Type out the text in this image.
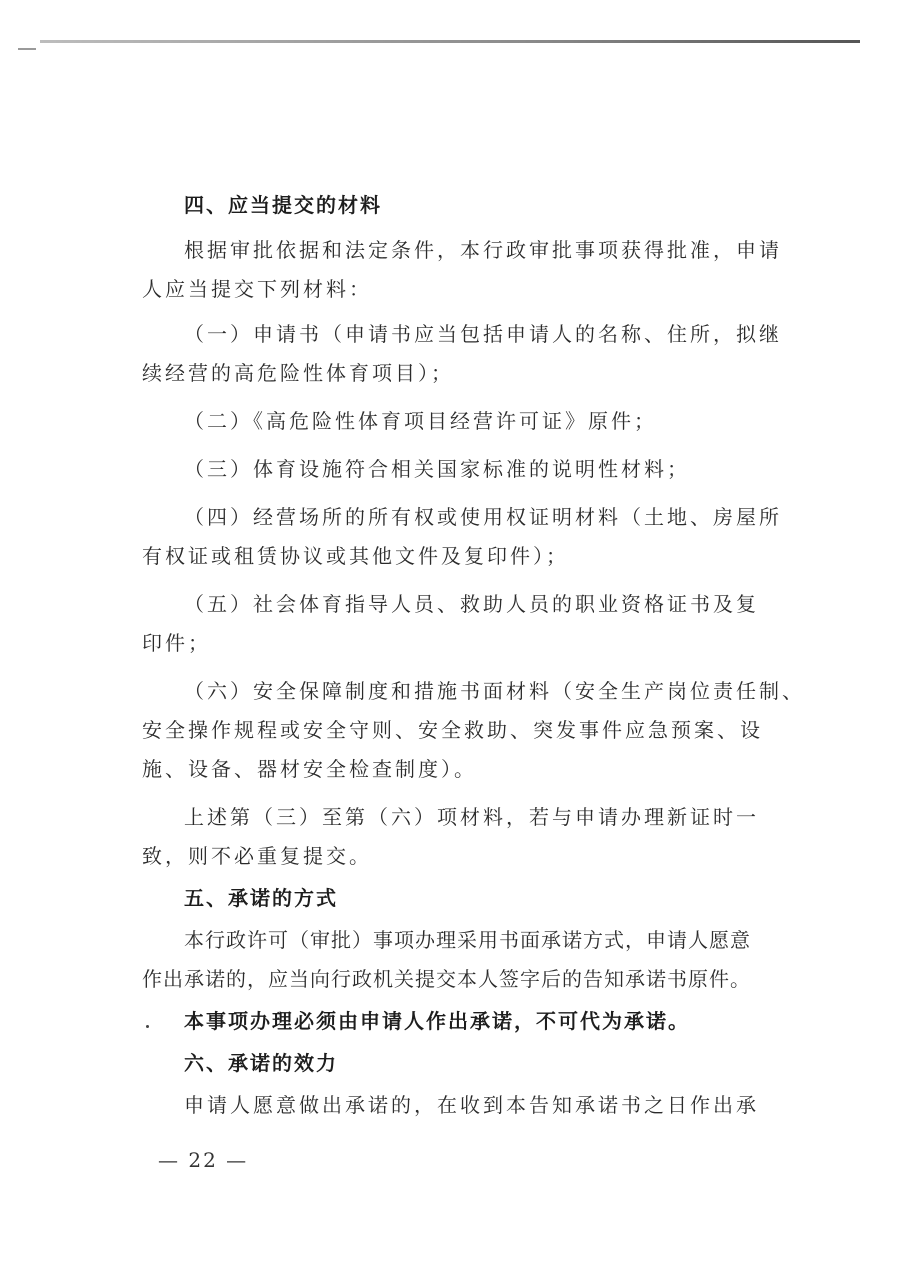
四、应当提交的材料

根据审批依据和法定条件，本行政审批事项获得批准，申请

人应当提交下列材料：

（一）申请书（申请书应当包括申请人的名称、住所，拟继

续经营的高危险性体育项目）；

（二）《高危险性体育项目经营许可证》原件；

（三）体育设施符合相关国家标准的说明性材料；

（四）经营场所的所有权或使用权证明材料（土地、房屋所

有权证或租赁协议或其他文件及复印件）；

（五）社会体育指导人员、救助人员的职业资格证书及复

印件；

（六）安全保障制度和措施书面材料（安全生产岗位责任制、

安全操作规程或安全守则、安全救助、突发事件应急预案、设

施、设备、器材安全检查制度）。

上述第（三）至第（六）项材料，若与申请办理新证时一

致，则不必重复提交。

五、承诺的方式

本行政许可（审批）事项办理采用书面承诺方式，申请人愿意

作出承诺的，应当向行政机关提交本人签字后的告知承诺书原件。

本事项办理必须由申请人作出承诺，不可代为承诺。
六、承诺的效力

申请人愿意做出承诺的，在收到本告知承诺书之日作出承

— 22 —
